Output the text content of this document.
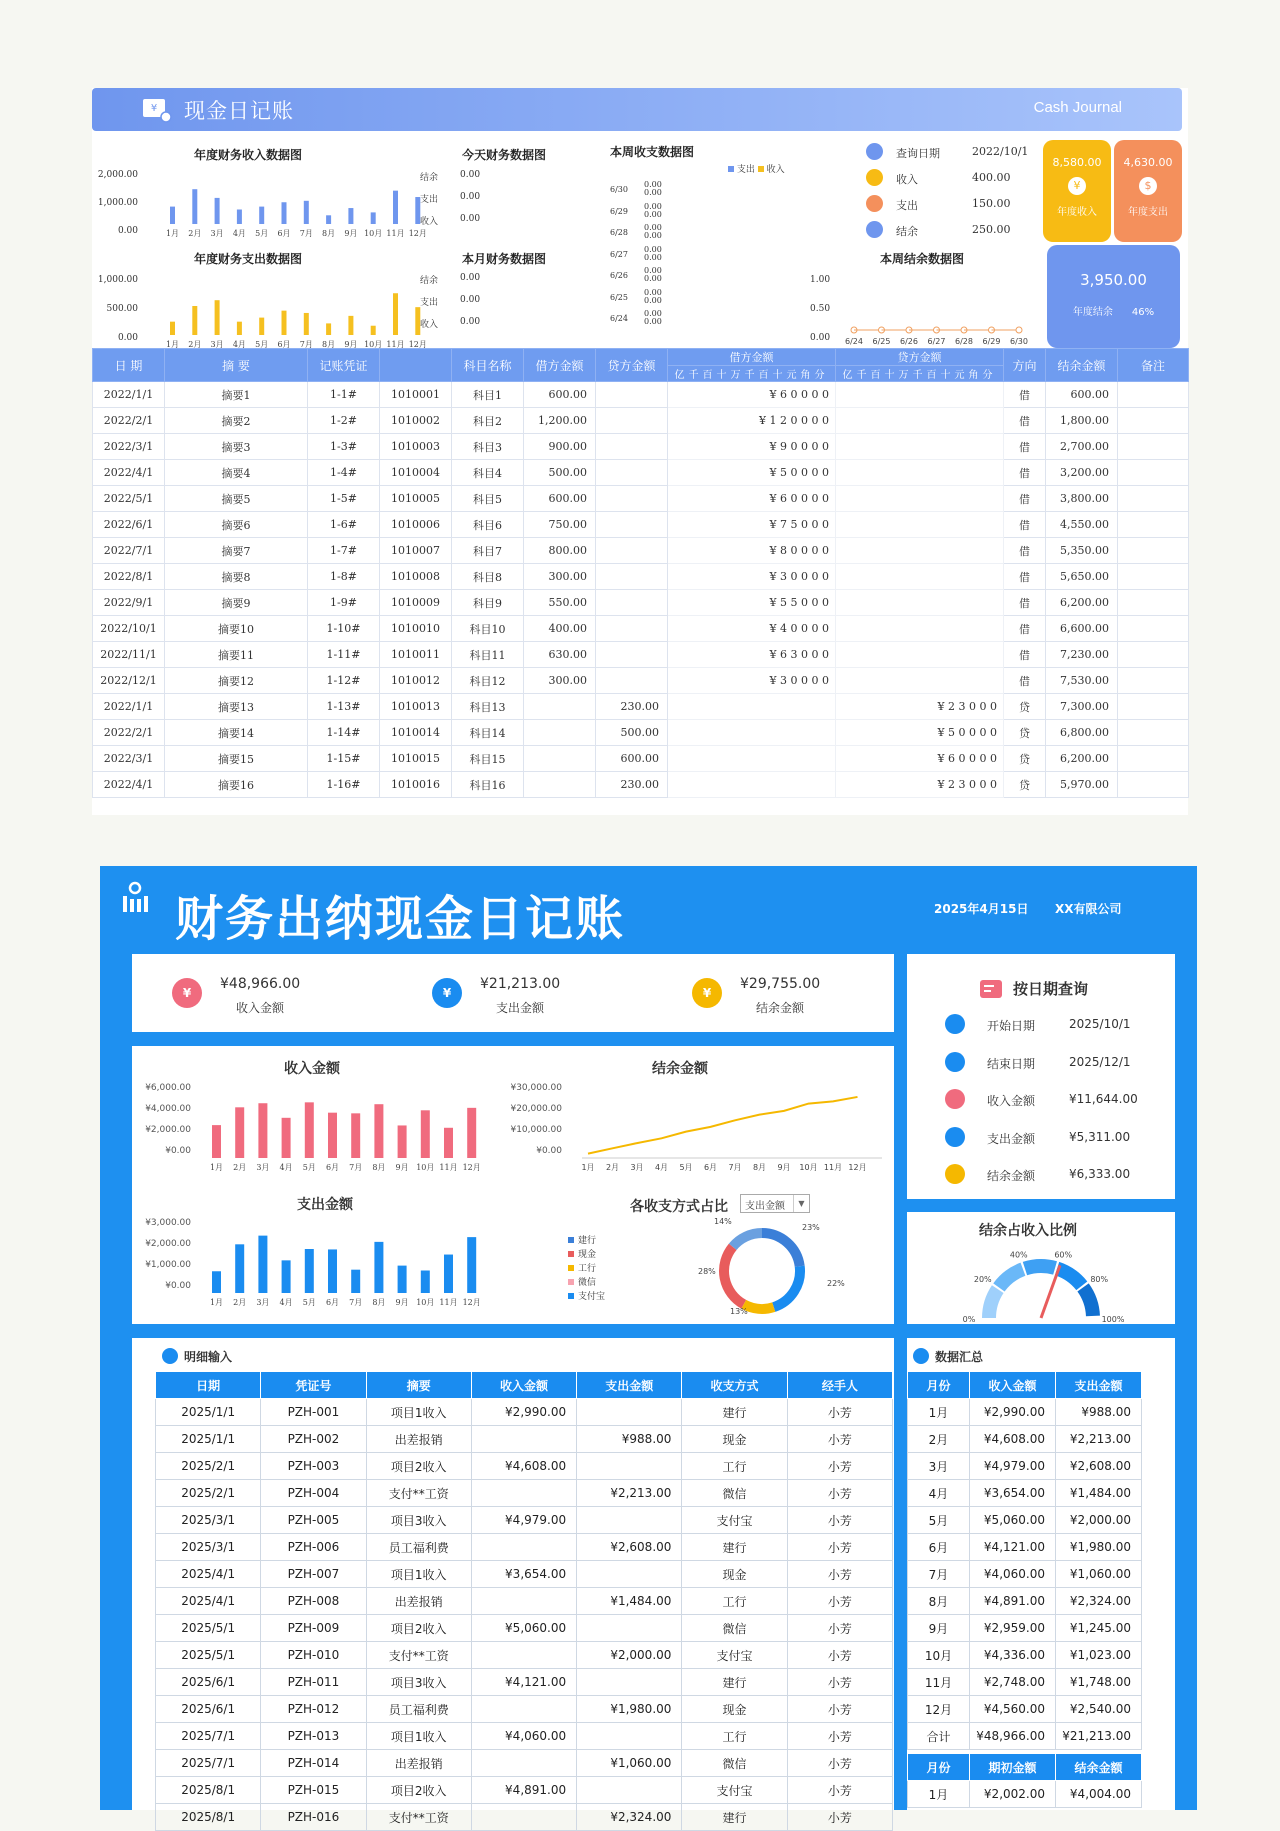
¥ 现金日记账	Cash Journal
年度财务收入数据图
2,000.00
1,000.00
0.00	1月 2月 3月 4月 5月 6月 7月 8月 9月 10月 11月 12月
年度财务支出数据图
1,000.00
500.00
0.00
1月 2月 3月 4月 5月 6月 7月 8月 9月 10月 11月 12月
今天财务数据图
结余 0.00
支出 0.00
收入 0.00
本月财务数据图
结余 0.00
支出 0.00
收入 0.00
本周收支数据图
支出 收入
6/30
0.00
0.00
6/29
0.00
0.00
6/28
0.00
0.00
6/27
0.00
0.00
6/26
0.00
0.00
6/25
0.00
0.00
6/24
0.00
0.00
本周结余数据图
1.00
0.50
0.00 6/24 6/25 6/26 6/27 6/28 6/29 6/30
查询日期	2022/10/1
收入	400.00
支出	150.00
结余	250.00
8,580.00
¥
年度收入
4,630.00
$
年度支出
3,950.00
年度结余 46%
日 期	摘 要	记账凭证		科目名称	借方金额	贷方金额	借方金额	贷方金额	方向	结余金额	备注
							亿千百十万千百十元角分	亿千百十万千百十元角分			
2022/1/1	摘要1	1-1#	1010001	科目1	600.00		¥ 6 0 0 0 0		借	600.00	
2022/2/1	摘要2	1-2#	1010002	科目2	1,200.00		¥ 1 2 0 0 0 0		借	1,800.00	
2022/3/1	摘要3	1-3#	1010003	科目3	900.00		¥ 9 0 0 0 0		借	2,700.00	
2022/4/1	摘要4	1-4#	1010004	科目4	500.00		¥ 5 0 0 0 0		借	3,200.00	
2022/5/1	摘要5	1-5#	1010005	科目5	600.00		¥ 6 0 0 0 0		借	3,800.00	
2022/6/1	摘要6	1-6#	1010006	科目6	750.00		¥ 7 5 0 0 0		借	4,550.00	
2022/7/1	摘要7	1-7#	1010007	科目7	800.00		¥ 8 0 0 0 0		借	5,350.00	
2022/8/1	摘要8	1-8#	1010008	科目8	300.00		¥ 3 0 0 0 0		借	5,650.00	
2022/9/1	摘要9	1-9#	1010009	科目9	550.00		¥ 5 5 0 0 0		借	6,200.00	
2022/10/1	摘要10	1-10#	1010010	科目10	400.00		¥ 4 0 0 0 0		借	6,600.00	
2022/11/1	摘要11	1-11#	1010011	科目11	630.00		¥ 6 3 0 0 0		借	7,230.00	
2022/12/1	摘要12	1-12#	1010012	科目12	300.00		¥ 3 0 0 0 0		借	7,530.00	
2022/1/1	摘要13	1-13#	1010013	科目13		230.00		¥ 2 3 0 0 0	贷	7,300.00	
2022/2/1	摘要14	1-14#	1010014	科目14		500.00		¥ 5 0 0 0 0	贷	6,800.00	
2022/3/1	摘要15	1-15#	1010015	科目15		600.00		¥ 6 0 0 0 0	贷	6,200.00	
2022/4/1	摘要16	1-16#	1010016	科目16		230.00		¥ 2 3 0 0 0	贷	5,970.00	
财务出纳现金日记账	2025年4月15日 XX有限公司
¥
¥48,966.00
收入金额
¥
¥21,213.00
支出金额
¥
¥29,755.00
结余金额
按日期查询
开始日期	2025/10/1
结束日期	2025/12/1
收入金额	¥11,644.00
支出金额	¥5,311.00
结余金额	¥6,333.00
收入金额
¥6,000.00
¥4,000.00
¥2,000.00
¥0.00
1月 2月 3月 4月 5月 6月 7月 8月 9月 10月 11月 12月
结余金额
¥30,000.00
¥20,000.00
¥10,000.00
¥0.00
1月 2月 3月 4月 5月 6月 7月 8月 9月 10月 11月 12月
支出金额
¥3,000.00
¥2,000.00
¥1,000.00
¥0.00
1月 2月 3月 4月 5月 6月 7月 8月 9月 10月 11月 12月
各收支方式占比	支出金额	▼
建行
现金
工行
微信
支付宝
14%
23%
28%
22%
13%
结余占收入比例
0%
20%
40%	60%
80%
100%
明细输入
日期	凭证号	摘要	收入金额	支出金额	收支方式	经手人
2025/1/1	PZH-001	项目1收入	¥2,990.00		建行	小芳
2025/1/1	PZH-002	出差报销		¥988.00	现金	小芳
2025/2/1	PZH-003	项目2收入	¥4,608.00		工行	小芳
2025/2/1	PZH-004	支付**工资		¥2,213.00	微信	小芳
2025/3/1	PZH-005	项目3收入	¥4,979.00		支付宝	小芳
2025/3/1	PZH-006	员工福利费		¥2,608.00	建行	小芳
2025/4/1	PZH-007	项目1收入	¥3,654.00		现金	小芳
2025/4/1	PZH-008	出差报销		¥1,484.00	工行	小芳
2025/5/1	PZH-009	项目2收入	¥5,060.00		微信	小芳
2025/5/1	PZH-010	支付**工资		¥2,000.00	支付宝	小芳
2025/6/1	PZH-011	项目3收入	¥4,121.00		建行	小芳
2025/6/1	PZH-012	员工福利费		¥1,980.00	现金	小芳
2025/7/1	PZH-013	项目1收入	¥4,060.00		工行	小芳
2025/7/1	PZH-014	出差报销		¥1,060.00	微信	小芳
2025/8/1	PZH-015	项目2收入	¥4,891.00		支付宝	小芳
2025/8/1	PZH-016	支付**工资		¥2,324.00	建行	小芳
数据汇总
月份	收入金额	支出金额
1月	¥2,990.00	¥988.00
2月	¥4,608.00	¥2,213.00
3月	¥4,979.00	¥2,608.00
4月	¥3,654.00	¥1,484.00
5月	¥5,060.00	¥2,000.00
6月	¥4,121.00	¥1,980.00
7月	¥4,060.00	¥1,060.00
8月	¥4,891.00	¥2,324.00
9月	¥2,959.00	¥1,245.00
10月	¥4,336.00	¥1,023.00
11月	¥2,748.00	¥1,748.00
12月	¥4,560.00	¥2,540.00
合计	¥48,966.00	¥21,213.00
月份	期初金额	结余金额
1月	¥2,002.00	¥4,004.00
